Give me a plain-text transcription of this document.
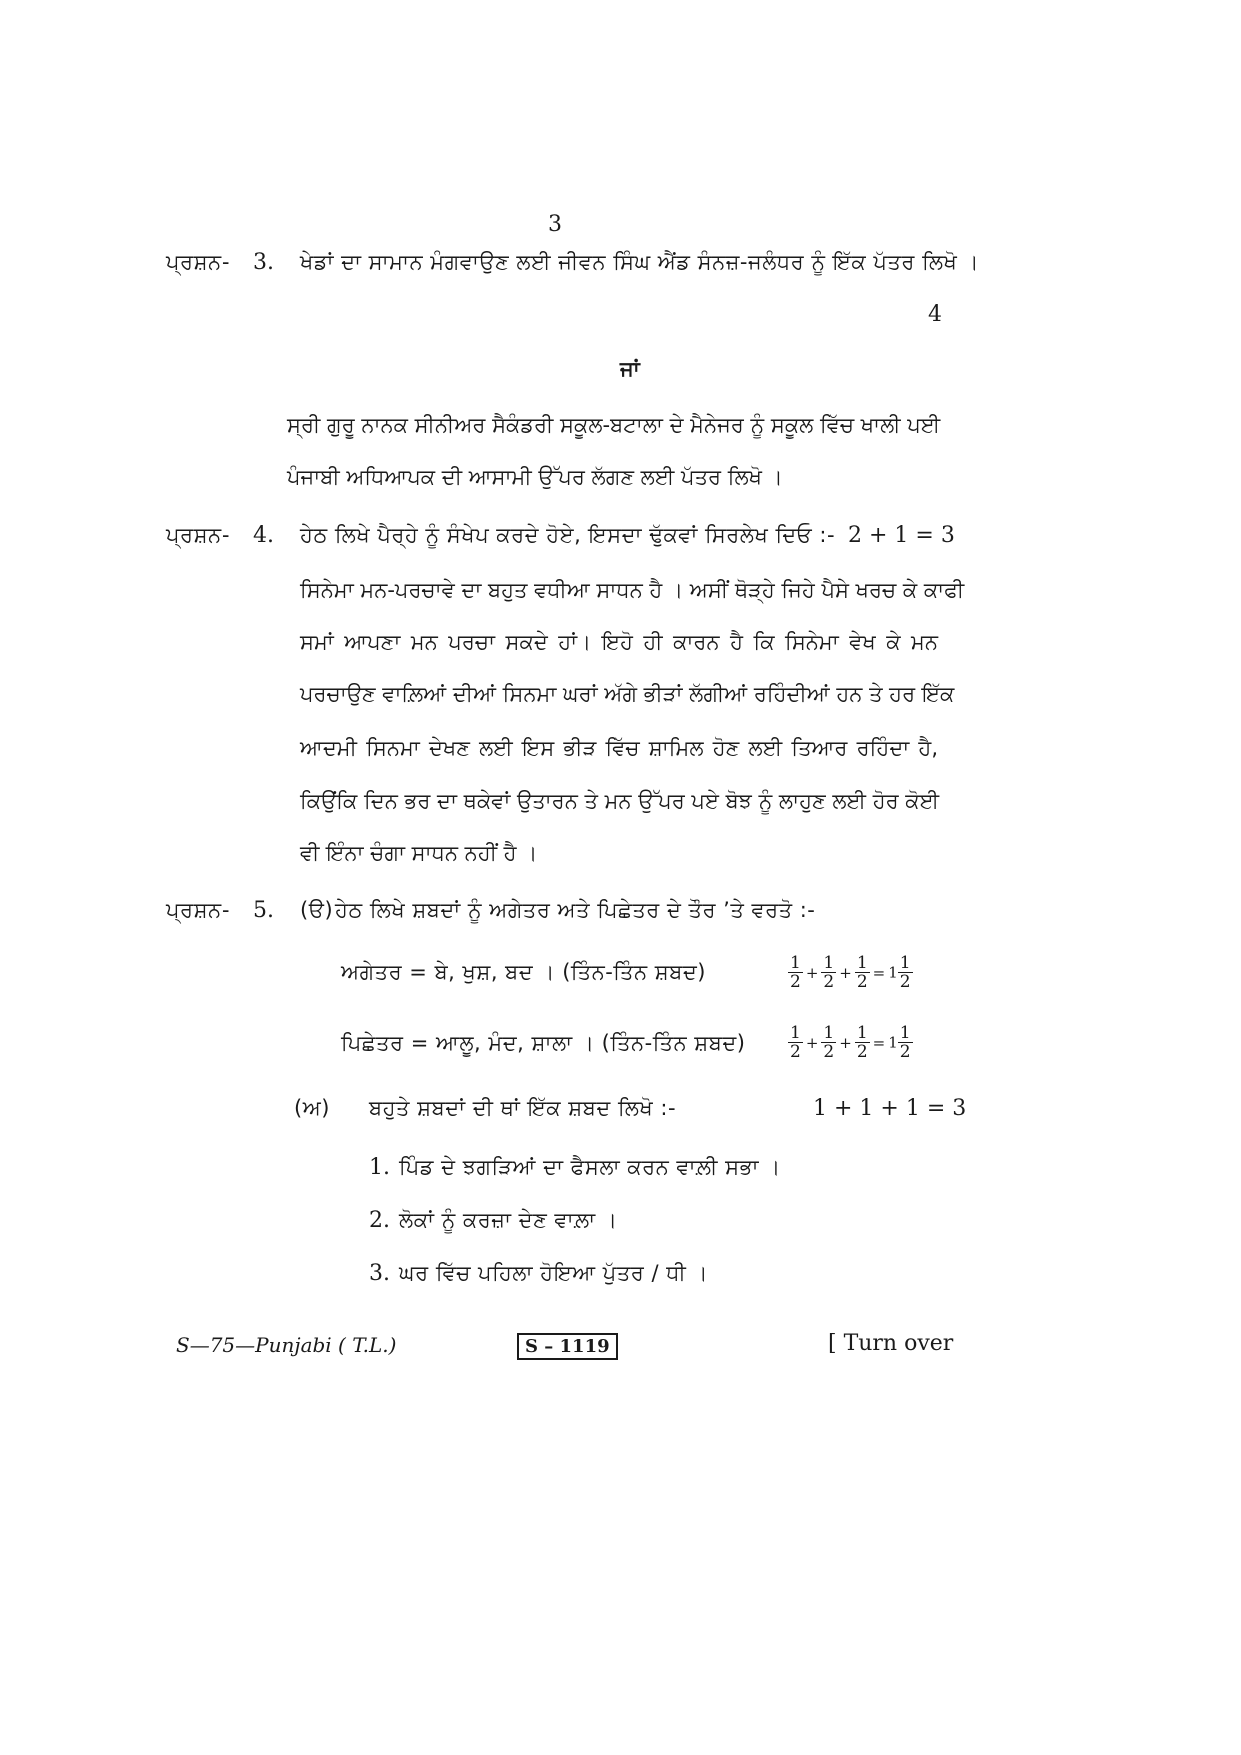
3
ਪ੍ਰਸ਼ਨ - 3. ਖੇਡਾਂ ਦਾ ਸਾਮਾਨ ਮੰਗਵਾਉਣ ਲਈ ਜੀਵਨ ਸਿੰਘ ਐਂਡ ਸੰਨਜ਼-ਜਲੰਧਰ ਨੂੰ ਇੱਕ ਪੱਤਰ ਲਿਖੋ ।
4
ਜਾਂ
ਸ੍ਰੀ ਗੁਰੂ ਨਾਨਕ ਸੀਨੀਅਰ ਸੈਕੰਡਰੀ ਸਕੂਲ-ਬਟਾਲਾ ਦੇ ਮੈਨੇਜਰ ਨੂੰ ਸਕੂਲ ਵਿੱਚ ਖਾਲੀ ਪਈ
ਪੰਜਾਬੀ ਅਧਿਆਪਕ ਦੀ ਆਸਾਮੀ ਉੱਪਰ ਲੱਗਣ ਲਈ ਪੱਤਰ ਲਿਖੋ ।
ਪ੍ਰਸ਼ਨ - 4. ਹੇਠ ਲਿਖੇ ਪੈਰ੍ਹੇ ਨੂੰ ਸੰਖੇਪ ਕਰਦੇ ਹੋਏ, ਇਸਦਾ ਢੁੱਕਵਾਂ ਸਿਰਲੇਖ ਦਿਓ :- 2 + 1 = 3
ਸਿਨੇਮਾ ਮਨ-ਪਰਚਾਵੇ ਦਾ ਬਹੁਤ ਵਧੀਆ ਸਾਧਨ ਹੈ । ਅਸੀਂ ਥੋੜ੍ਹੇ ਜਿਹੇ ਪੈਸੇ ਖਰਚ ਕੇ ਕਾਫੀ
ਸਮਾਂ ਆਪਣਾ ਮਨ ਪਰਚਾ ਸਕਦੇ ਹਾਂ। ਇਹੋ ਹੀ ਕਾਰਨ ਹੈ ਕਿ ਸਿਨੇਮਾ ਵੇਖ ਕੇ ਮਨ
ਪਰਚਾਉਣ ਵਾਲ਼ਿਆਂ ਦੀਆਂ ਸਿਨਮਾ ਘਰਾਂ ਅੱਗੇ ਭੀੜਾਂ ਲੱਗੀਆਂ ਰਹਿੰਦੀਆਂ ਹਨ ਤੇ ਹਰ ਇੱਕ
ਆਦਮੀ ਸਿਨਮਾ ਦੇਖਣ ਲਈ ਇਸ ਭੀੜ ਵਿੱਚ ਸ਼ਾਮਿਲ ਹੋਣ ਲਈ ਤਿਆਰ ਰਹਿੰਦਾ ਹੈ,
ਕਿਉਂਕਿ ਦਿਨ ਭਰ ਦਾ ਥਕੇਵਾਂ ਉਤਾਰਨ ਤੇ ਮਨ ਉੱਪਰ ਪਏ ਬੋਝ ਨੂੰ ਲਾਹੁਣ ਲਈ ਹੋਰ ਕੋਈ
ਵੀ ਇੰਨਾ ਚੰਗਾ ਸਾਧਨ ਨਹੀਂ ਹੈ ।
ਪ੍ਰਸ਼ਨ - 5. (ੳ) ਹੇਠ ਲਿਖੇ ਸ਼ਬਦਾਂ ਨੂੰ ਅਗੇਤਰ ਅਤੇ ਪਿਛੇਤਰ ਦੇ ਤੌਰ ’ਤੇ ਵਰਤੋ :-
ਅਗੇਤਰ = ਬੇ, ਖੁਸ਼, ਬਦ । (ਤਿੰਨ-ਤਿੰਨ ਸ਼ਬਦ)	$\frac{1}{2} + \frac{1}{2} + \frac{1}{2} = 1 \frac{1}{2}$
ਪਿਛੇਤਰ = ਆਲੂ, ਮੰਦ, ਸ਼ਾਲਾ । (ਤਿੰਨ-ਤਿੰਨ ਸ਼ਬਦ)	$\frac{1}{2} + \frac{1}{2} + \frac{1}{2} = 1 \frac{1}{2}$
(ਅ) ਬਹੁਤੇ ਸ਼ਬਦਾਂ ਦੀ ਥਾਂ ਇੱਕ ਸ਼ਬਦ ਲਿਖੋ :-	1 + 1 + 1 = 3
1. ਪਿੰਡ ਦੇ ਝਗੜਿਆਂ ਦਾ ਫੈਸਲਾ ਕਰਨ ਵਾਲ਼ੀ ਸਭਾ ।
2. ਲੋਕਾਂ ਨੂੰ ਕਰਜ਼ਾ ਦੇਣ ਵਾਲ਼ਾ ।
3. ਘਰ ਵਿੱਚ ਪਹਿਲਾ ਹੋਇਆ ਪੁੱਤਰ / ਧੀ ।
S—75—Punjabi ( T.L.)	S – 1119	[ Turn over
